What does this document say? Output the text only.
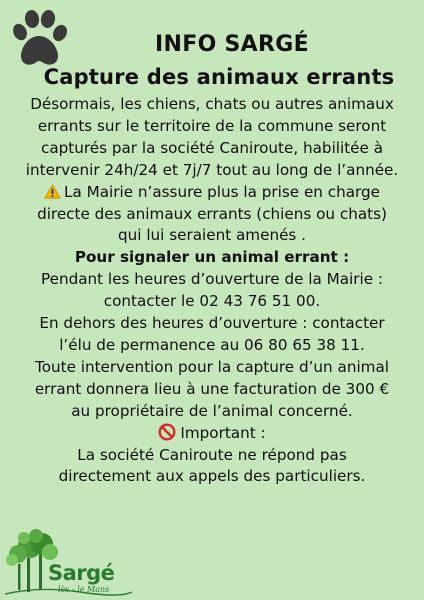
INFO SARGÉ
Capture des animaux errants
Désormais, les chiens, chats ou autres animaux
errants sur le territoire de la commune seront
capturés par la société Caniroute, habilitée à
intervenir 24h/24 et 7j/7 tout au long de l’année.
La Mairie n’assure plus la prise en charge
directe des animaux errants (chiens ou chats)
qui lui seraient amenés .
Pour signaler un animal errant :
Pendant les heures d’ouverture de la Mairie :
contacter le 02 43 76 51 00.
En dehors des heures d’ouverture : contacter
l’élu de permanence au 06 80 65 38 11.
Toute intervention pour la capture d’un animal
errant donnera lieu à une facturation de 300 €
au propriétaire de l’animal concerné.
Important :
La société Caniroute ne répond pas
directement aux appels des particuliers.
Sargé
lès - le Mans
